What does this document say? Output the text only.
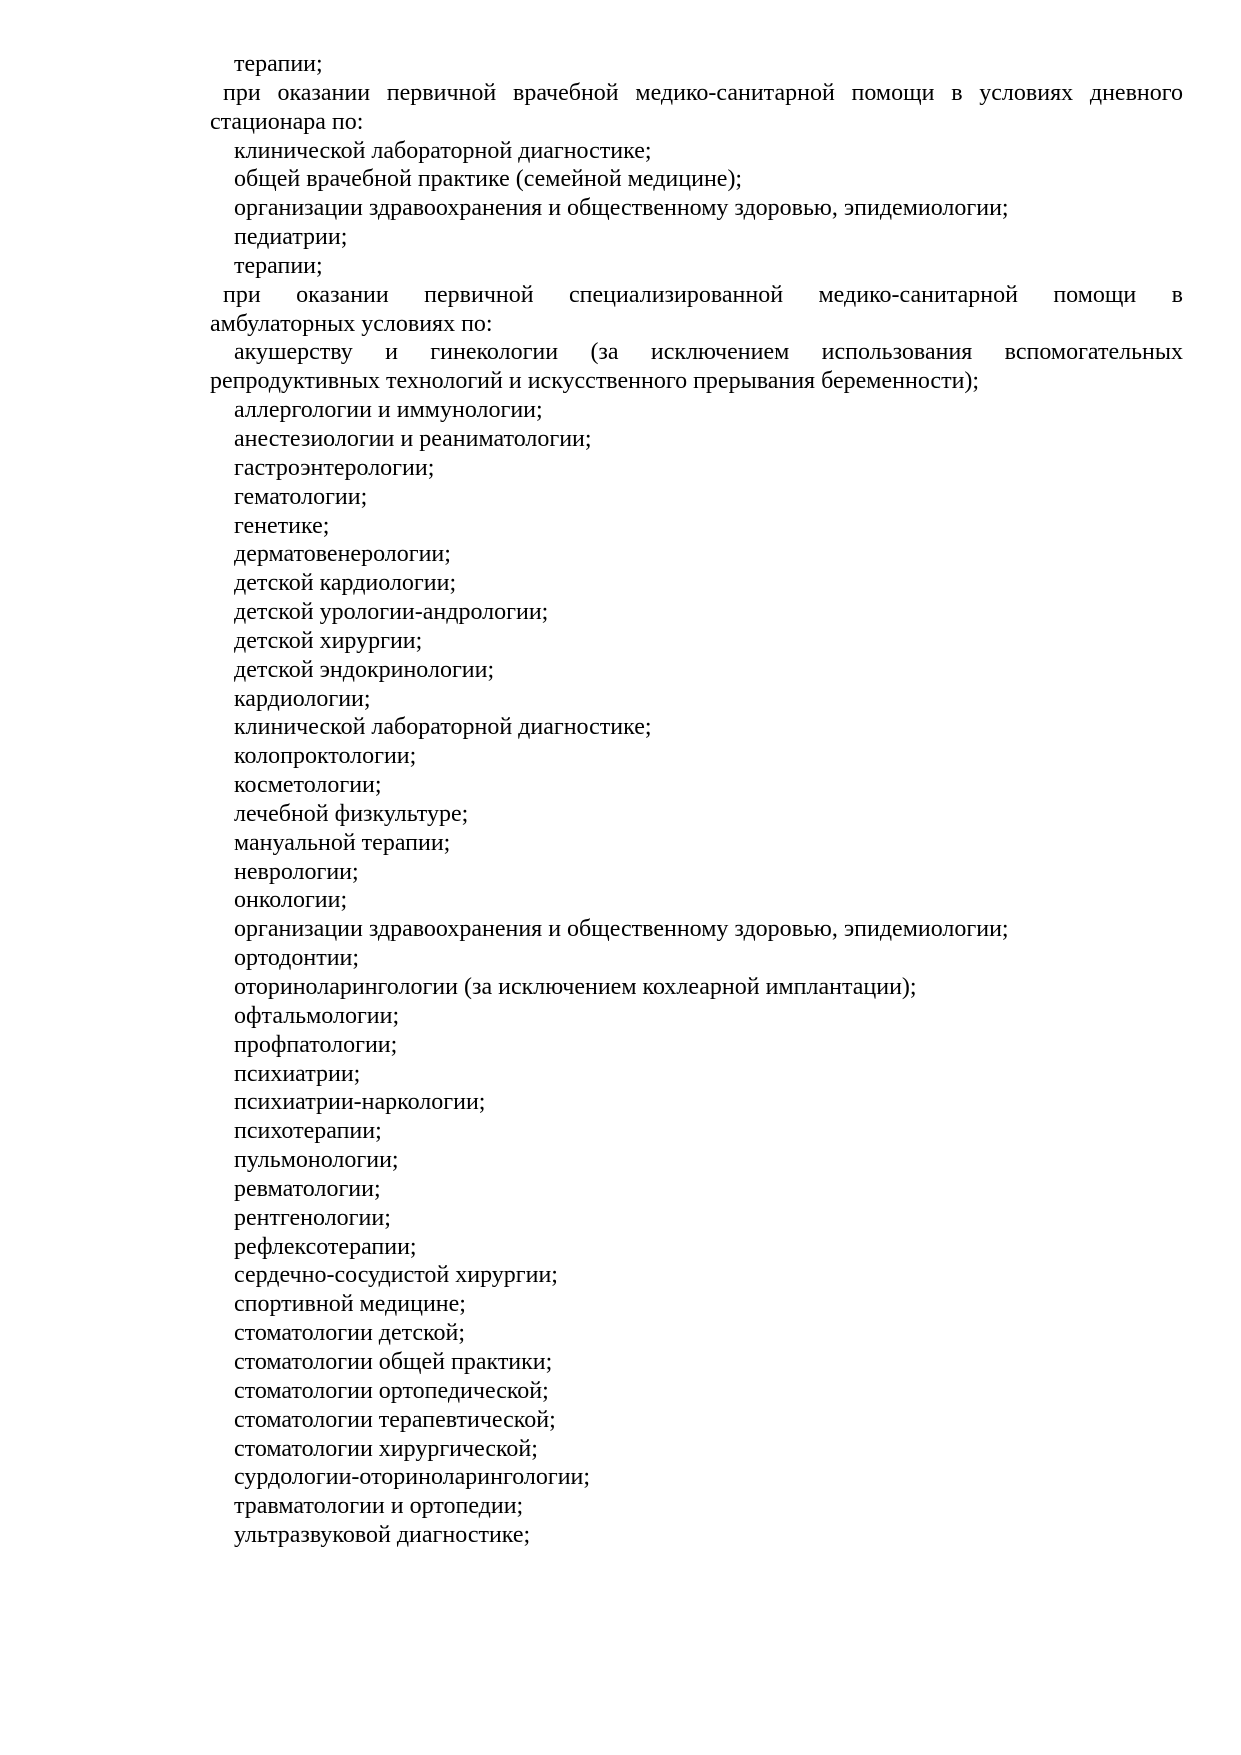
терапии;
при оказании первичной врачебной медико-санитарной помощи в условиях дневного
стационара по:
клинической лабораторной диагностике;
общей врачебной практике (семейной медицине);
организации здравоохранения и общественному здоровью, эпидемиологии;
педиатрии;
терапии;
при оказании первичной специализированной медико-санитарной помощи в
амбулаторных условиях по:
акушерству и гинекологии (за исключением использования вспомогательных
репродуктивных технологий и искусственного прерывания беременности);
аллергологии и иммунологии;
анестезиологии и реаниматологии;
гастроэнтерологии;
гематологии;
генетике;
дерматовенерологии;
детской кардиологии;
детской урологии-андрологии;
детской хирургии;
детской эндокринологии;
кардиологии;
клинической лабораторной диагностике;
колопроктологии;
косметологии;
лечебной физкультуре;
мануальной терапии;
неврологии;
онкологии;
организации здравоохранения и общественному здоровью, эпидемиологии;
ортодонтии;
оториноларингологии (за исключением кохлеарной имплантации);
офтальмологии;
профпатологии;
психиатрии;
психиатрии-наркологии;
психотерапии;
пульмонологии;
ревматологии;
рентгенологии;
рефлексотерапии;
сердечно-сосудистой хирургии;
спортивной медицине;
стоматологии детской;
стоматологии общей практики;
стоматологии ортопедической;
стоматологии терапевтической;
стоматологии хирургической;
сурдологии-оториноларингологии;
травматологии и ортопедии;
ультразвуковой диагностике;
